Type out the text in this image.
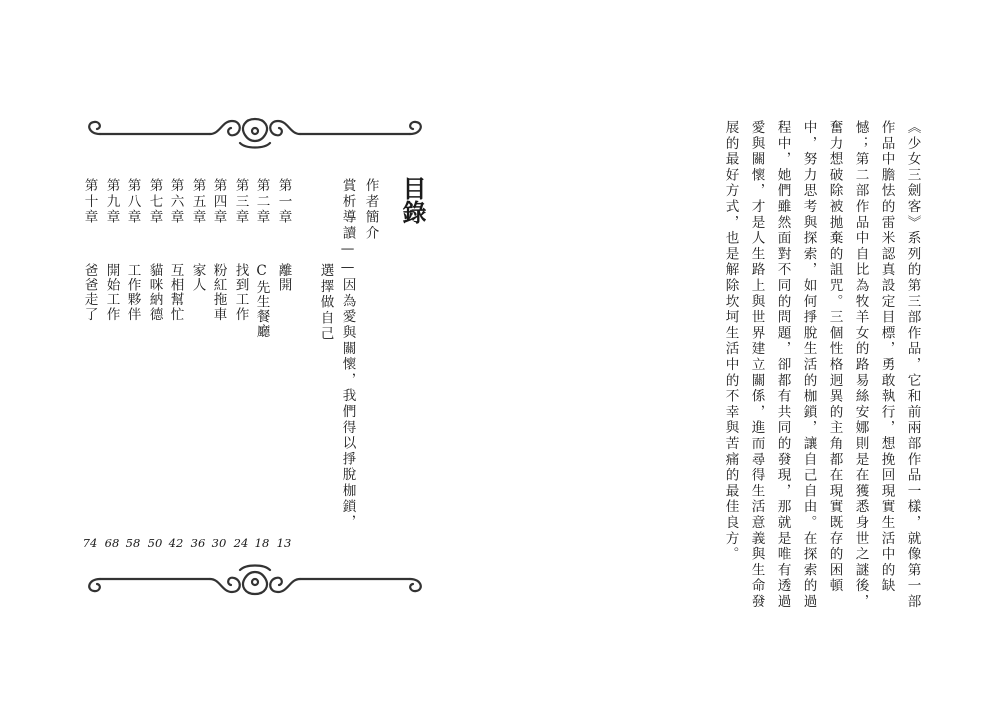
目錄
作者簡介
賞析導讀——因為愛與關懷，我們得以掙脫枷鎖，
選擇做自己
第一章
離開
第二章
C先生餐廳
第三章
找到工作
第四章
粉紅拖車
第五章
家人
第六章
互相幫忙
第七章
貓咪納德
第八章
工作夥伴
第九章
開始工作
第十章
爸爸走了
13
18
24
30
36
42
50
58
68
74	《少女三劍客》系列的第三部作品，它和前兩部作品一樣，就像第一部
作品中膽怯的雷米認真設定目標，勇敢執行，想挽回現實生活中的缺
憾；第二部作品中自比為牧羊女的路易絲安娜則是在獲悉身世之謎後，
奮力想破除被拋棄的詛咒。三個性格迥異的主角都在現實既存的困頓
中，努力思考與探索，如何掙脫生活的枷鎖，讓自己自由。在探索的過
程中，她們雖然面對不同的問題，卻都有共同的發現，那就是唯有透過
愛與關懷，才是人生路上與世界建立關係，進而尋得生活意義與生命發
展的最好方式，也是解除坎坷生活中的不幸與苦痛的最佳良方。
